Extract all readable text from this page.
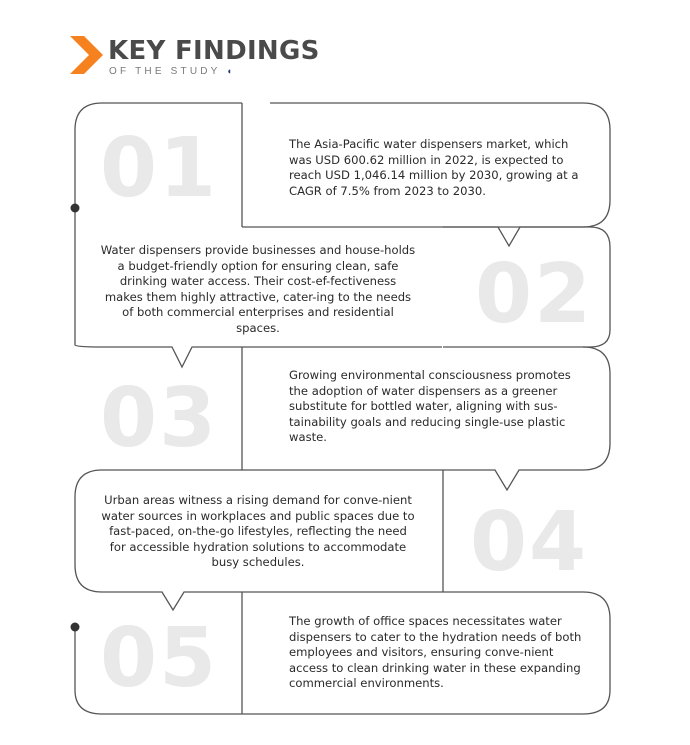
KEY FINDINGS
OF THE STUDY ◖
01
02
03
04
05
The Asia-Pacific water dispensers market, which was USD 600.62 million in 2022, is expected to reach USD 1,046.14 million by 2030, growing at a CAGR of 7.5% from 2023 to 2030.
Water dispensers provide businesses and house-holds a budget-friendly option for ensuring clean, safe drinking water access. Their cost-ef-fectiveness makes them highly attractive, cater-ing to the needs of both commercial enterprises and residential spaces.
Growing environmental consciousness promotes the adoption of water dispensers as a greener substitute for bottled water, aligning with sus-tainability goals and reducing single-use plastic waste.
Urban areas witness a rising demand for conve-nient water sources in workplaces and public spaces due to fast-paced, on-the-go lifestyles, reflecting the need for accessible hydration solutions to accommodate busy schedules.
The growth of office spaces necessitates water dispensers to cater to the hydration needs of both employees and visitors, ensuring conve-nient access to clean drinking water in these expanding commercial environments.
